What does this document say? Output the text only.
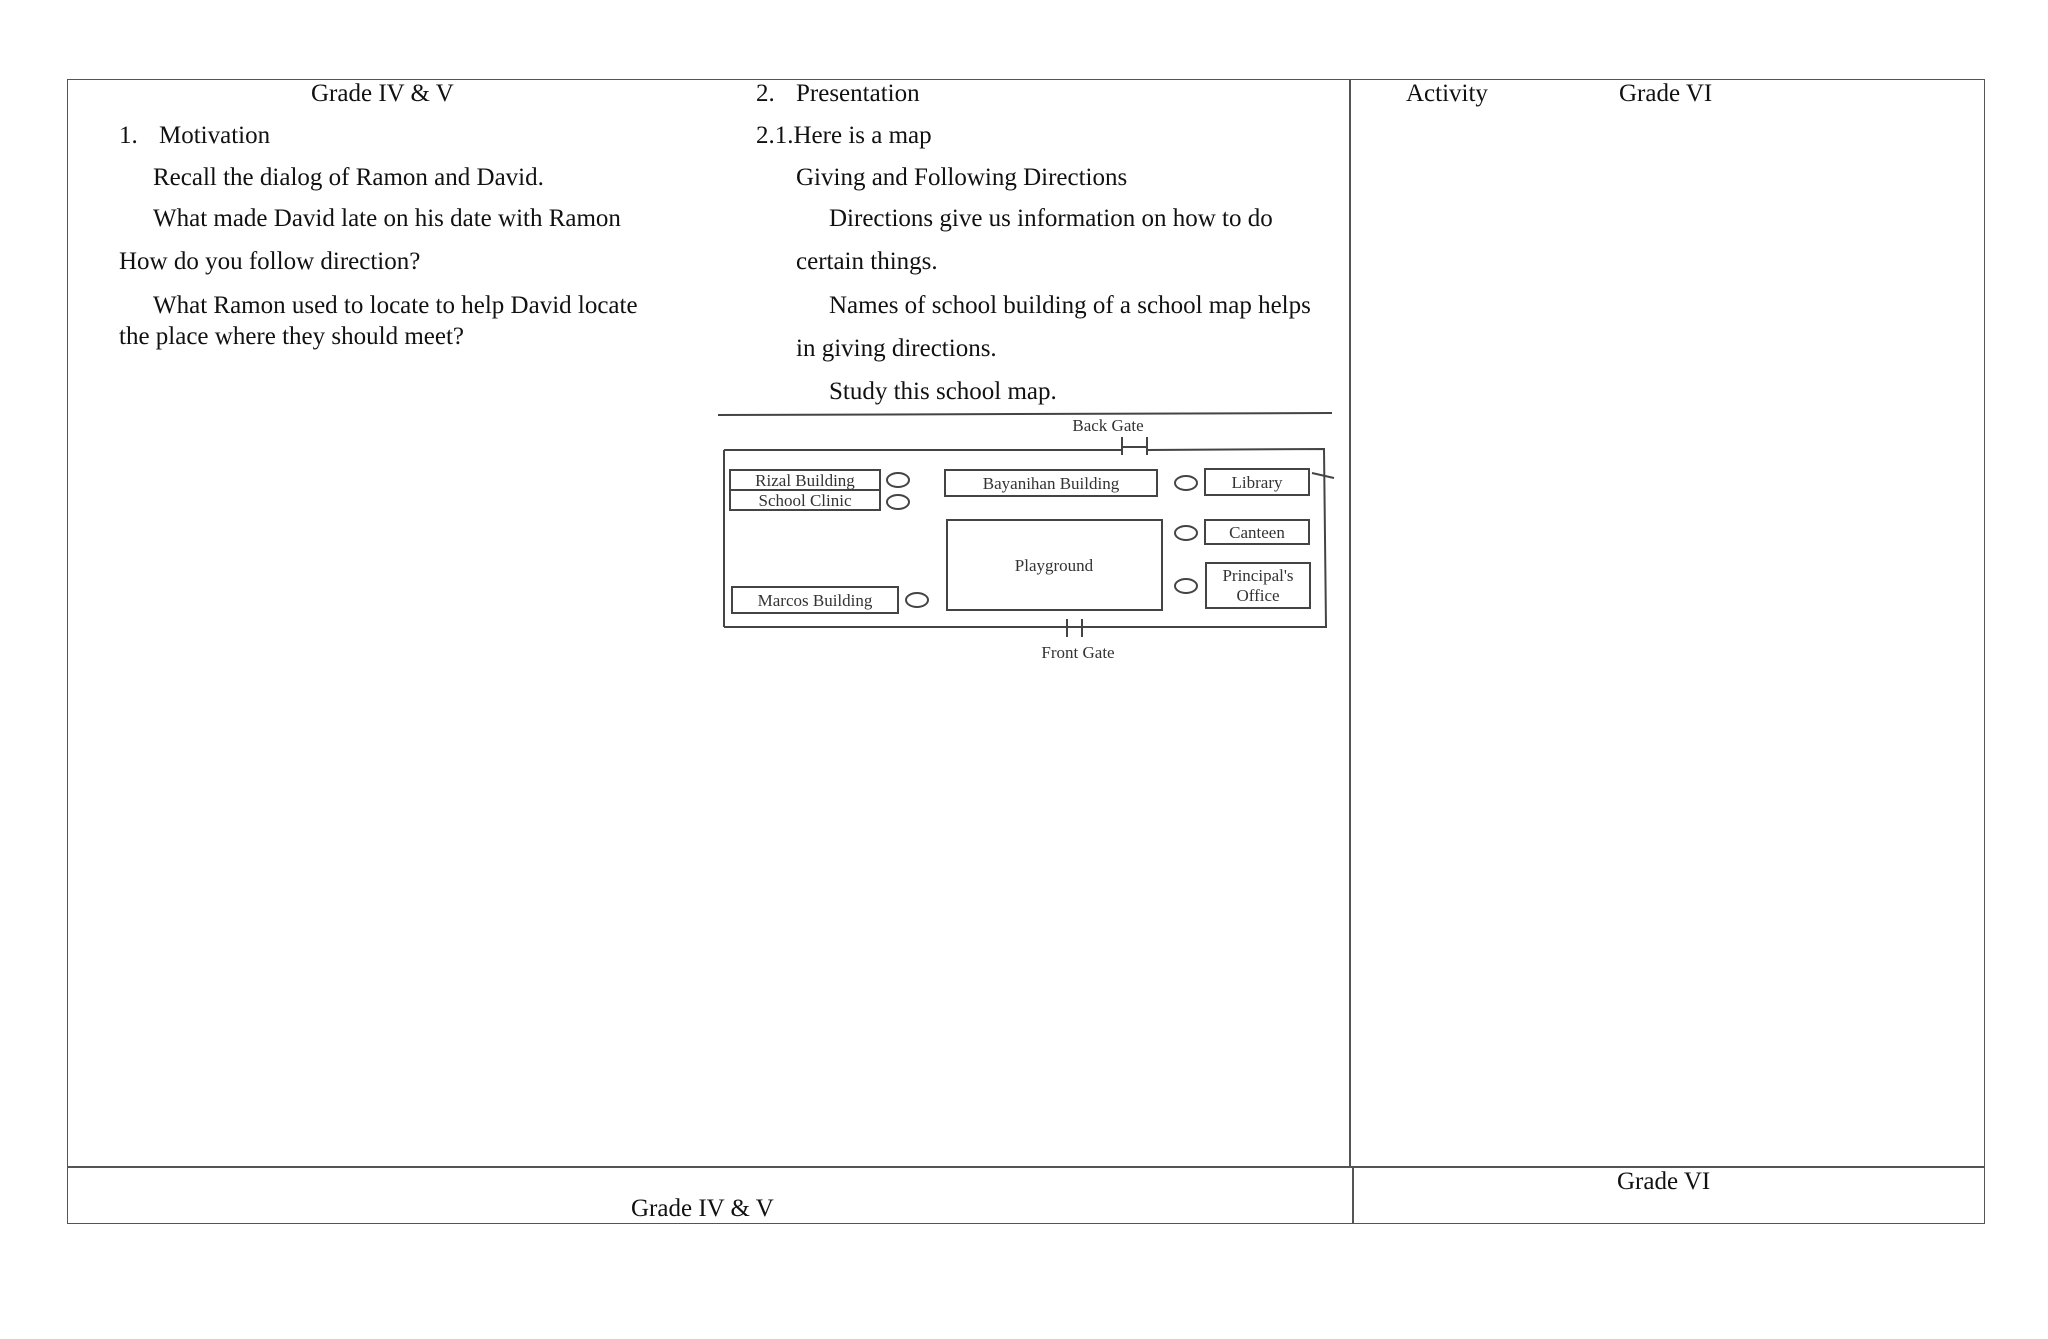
Grade IV & V
1. Motivation
Recall the dialog of Ramon and David.
What made David late on his date with Ramon
How do you follow direction?
What Ramon used to locate to help David locate
the place where they should meet?
2. Presentation
2.1.Here is a map
Giving and Following Directions
Directions give us information on how to do
certain things.
Names of school building of a school map helps
in giving directions.
Study this school map.
Back Gate
Front Gate
Rizal Building
School Clinic
Bayanihan Building	Library
Canteen
Playground
Principal's
Office
Marcos Building
Activity	Grade VI
Grade IV & V
Grade VI
